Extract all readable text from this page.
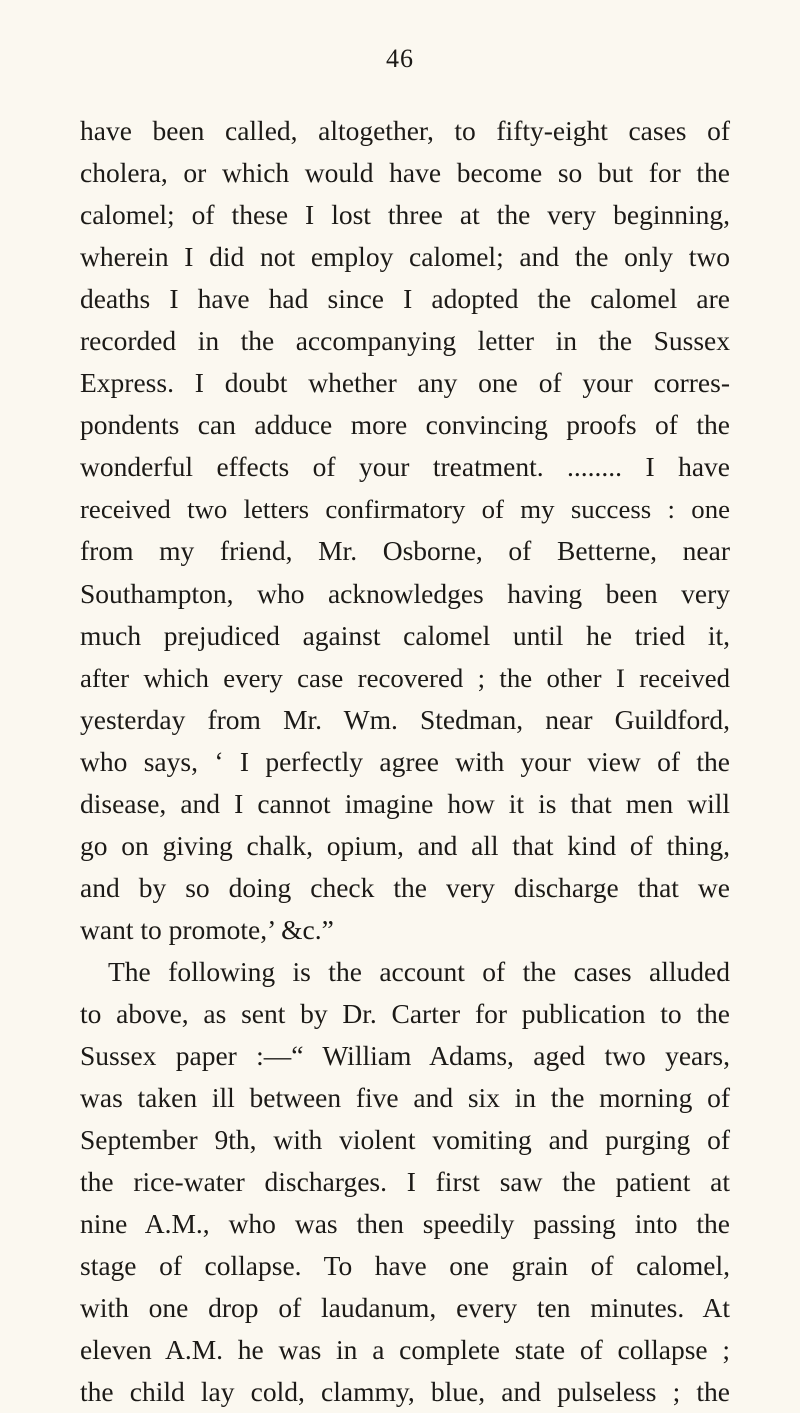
46
have been called, altogether, to fifty-eight cases of
cholera, or which would have become so but for the
calomel; of these I lost three at the very beginning,
wherein I did not employ calomel; and the only two
deaths I have had since I adopted the calomel are
recorded in the accompanying letter in the Sussex
Express. I doubt whether any one of your corres-
pondents can adduce more convincing proofs of the
wonderful effects of your treatment. ........ I have
received two letters confirmatory of my success : one
from my friend, Mr. Osborne, of Betterne, near
Southampton, who acknowledges having been very
much prejudiced against calomel until he tried it,
after which every case recovered ; the other I received
yesterday from Mr. Wm. Stedman, near Guildford,
who says, ‘ I perfectly agree with your view of the
disease, and I cannot imagine how it is that men will
go on giving chalk, opium, and all that kind of thing,
and by so doing check the very discharge that we
want to promote,’ &c.”
The following is the account of the cases alluded
to above, as sent by Dr. Carter for publication to the
Sussex paper :—“ William Adams, aged two years,
was taken ill between five and six in the morning of
September 9th, with violent vomiting and purging of
the rice-water discharges. I first saw the patient at
nine A.M., who was then speedily passing into the
stage of collapse. To have one grain of calomel,
with one drop of laudanum, every ten minutes. At
eleven A.M. he was in a complete state of collapse ;
the child lay cold, clammy, blue, and pulseless ; the
